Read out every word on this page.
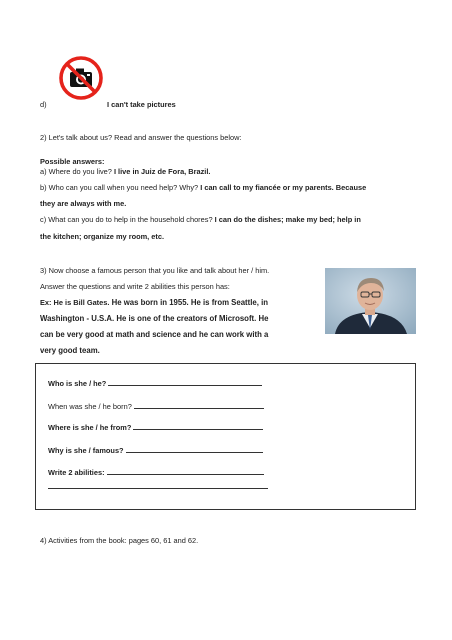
d)	I can't take pictures
2) Let's talk about us? Read and answer the questions below:
Possible answers:
a) Where do you live? I live in Juiz de Fora, Brazil.
b) Who can you call when you need help? Why? I can call to my fiancée or my parents. Because
they are always with me.
c) What can you do to help in the household chores? I can do the dishes; make my bed; help in
the kitchen; organize my room, etc.
3) Now choose a famous person that you like and talk about her / him.
Answer the questions and write 2 abilities this person has:
Ex: He is Bill Gates. He was born in 1955. He is from Seattle, in
Washington - U.S.A. He is one of the creators of Microsoft. He
can be very good at math and science and he can work with a
very good team.
Who is she / he?
When was she / he born?
Where is she / he from?
Why is she / famous?
Write 2 abilities:
4) Activities from the book: pages 60, 61 and 62.
